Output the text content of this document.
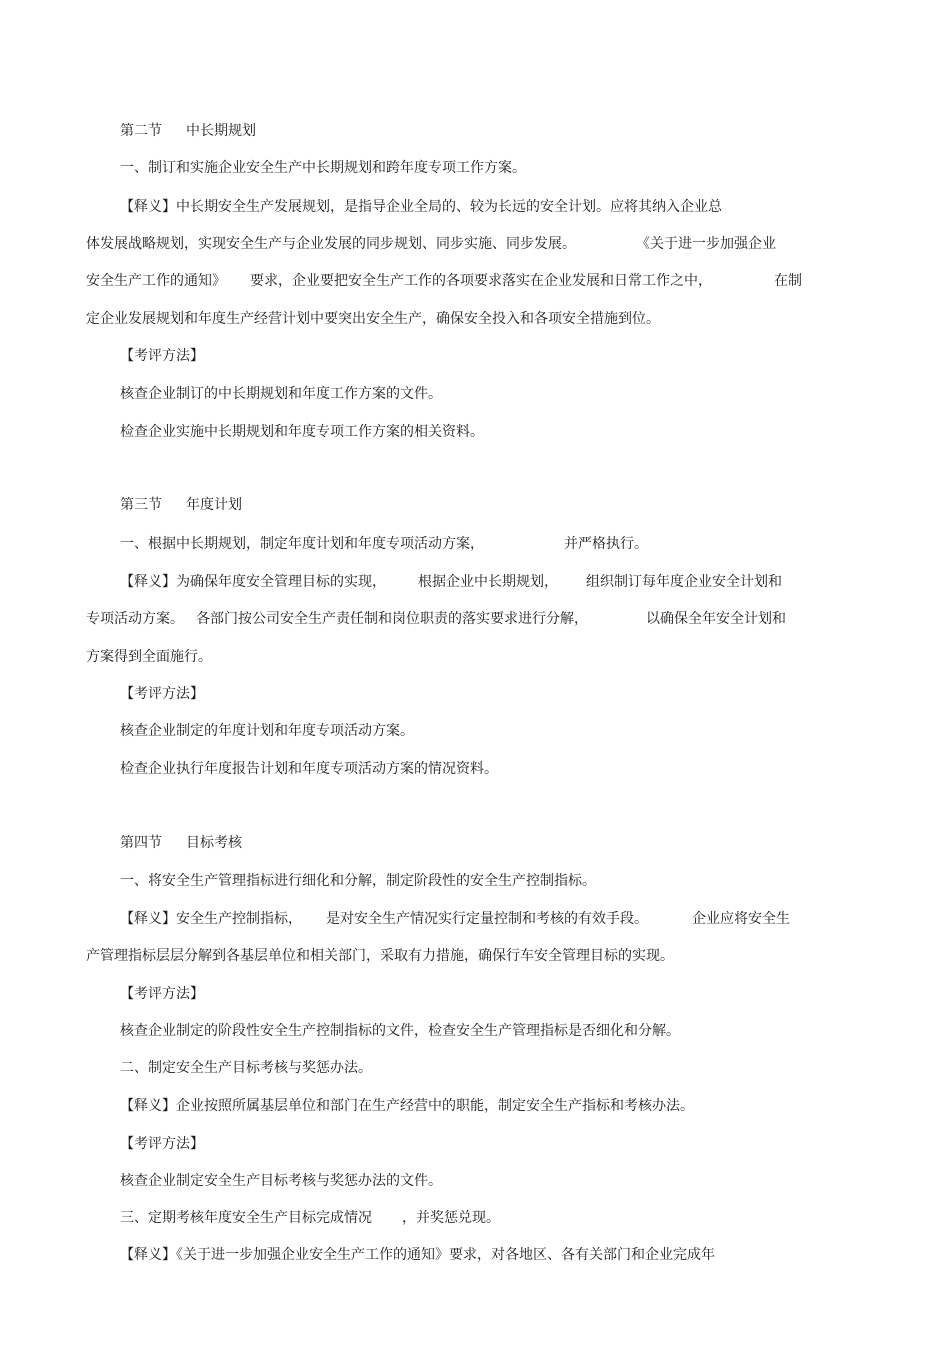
第二节 中长期规划
一、制订和实施企业安全生产中长期规划和跨年度专项工作方案。
【释义】中长期安全生产发展规划，是指导企业全局的、较为长远的安全计划。应将其纳入企业总
体发展战略规划，实现安全生产与企业发展的同步规划、同步实施、同步发展。	《关于进一步加强企业
安全生产工作的通知》 要求，企业要把安全生产工作的各项要求落实在企业发展和日常工作之中，	在制
定企业发展规划和年度生产经营计划中要突出安全生产，确保安全投入和各项安全措施到位。
【考评方法】
核查企业制订的中长期规划和年度工作方案的文件。
检查企业实施中长期规划和年度专项工作方案的相关资料。
第三节 年度计划
一、根据中长期规划，制定年度计划和年度专项活动方案，	并严格执行。
【释义】为确保年度安全管理目标的实现， 根据企业中长期规划， 组织制订每年度企业安全计划和
专项活动方案。 各部门按公司安全生产责任制和岗位职责的落实要求进行分解，	以确保全年安全计划和
方案得到全面施行。
【考评方法】
核查企业制定的年度计划和年度专项活动方案。
检查企业执行年度报告计划和年度专项活动方案的情况资料。
第四节 目标考核
一、将安全生产管理指标进行细化和分解，制定阶段性的安全生产控制指标。
【释义】安全生产控制指标， 是对安全生产情况实行定量控制和考核的有效手段。	企业应将安全生
产管理指标层层分解到各基层单位和相关部门，采取有力措施，确保行车安全管理目标的实现。
【考评方法】
核查企业制定的阶段性安全生产控制指标的文件，检查安全生产管理指标是否细化和分解。
二、制定安全生产目标考核与奖惩办法。
【释义】企业按照所属基层单位和部门在生产经营中的职能，制定安全生产指标和考核办法。
【考评方法】
核查企业制定安全生产目标考核与奖惩办法的文件。
三、定期考核年度安全生产目标完成情况 ，并奖惩兑现。
【释义】《关于进一步加强企业安全生产工作的通知》要求，对各地区、各有关部门和企业完成年
